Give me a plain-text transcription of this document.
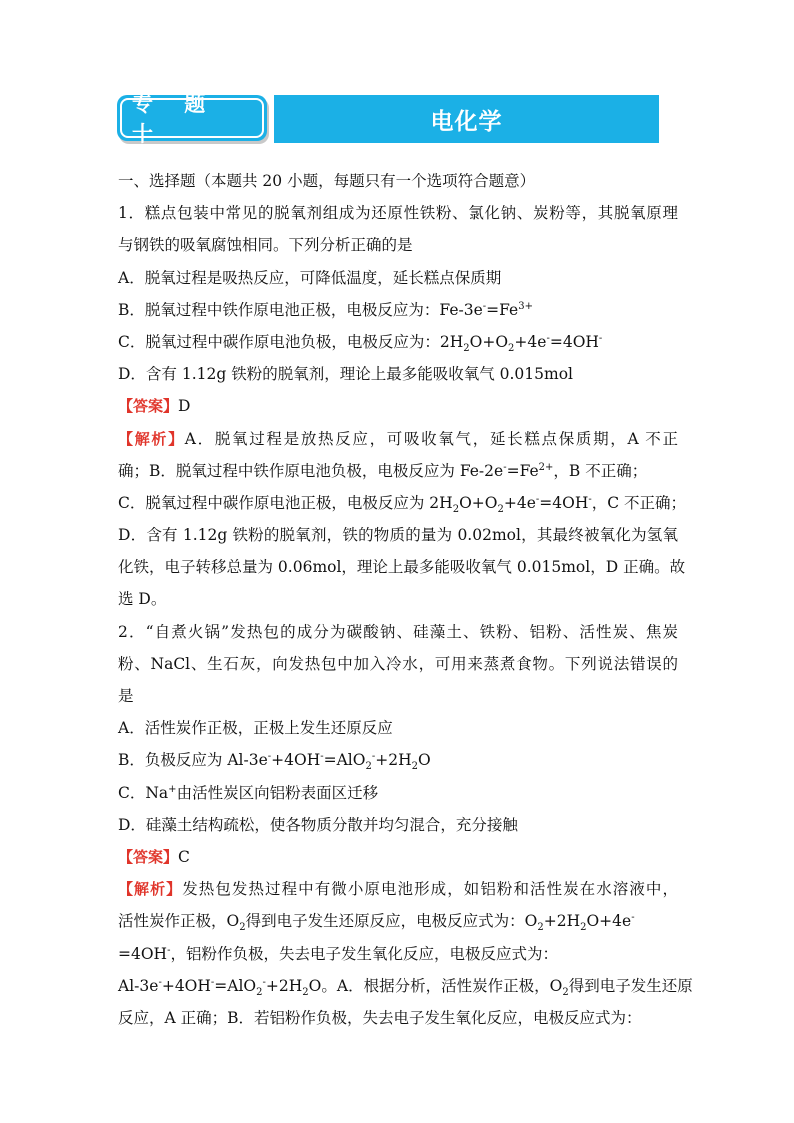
专 题 十	电化学
一、选择题（本题共 20 小题，每题只有一个选项符合题意）
1．糕点包装中常见的脱氧剂组成为还原性铁粉、氯化钠、炭粉等，其脱氧原理
与钢铁的吸氧腐蚀相同。下列分析正确的是
A．脱氧过程是吸热反应，可降低温度，延长糕点保质期
B．脱氧过程中铁作原电池正极，电极反应为：$Fe-3e^-=Fe^{3+}$
C．脱氧过程中碳作原电池负极，电极反应为：$2H_2O+O_2+4e^-=4OH^-$
D．含有 1.12g 铁粉的脱氧剂，理论上最多能吸收氧气 0.015mol
【答案】D
【解析】A．脱氧过程是放热反应，可吸收氧气，延长糕点保质期，A 不正
确；B．脱氧过程中铁作原电池负极，电极反应为 $Fe-2e^-=Fe^{2+}$，B 不正确；
C．脱氧过程中碳作原电池正极，电极反应为 $2H_2O+O_2+4e^-=4OH^-$，C 不正确；
D．含有 1.12g 铁粉的脱氧剂，铁的物质的量为 0.02mol，其最终被氧化为氢氧
化铁，电子转移总量为 0.06mol，理论上最多能吸收氧气 0.015mol，D 正确。故
选 D。
2．“自煮火锅”发热包的成分为碳酸钠、硅藻土、铁粉、铝粉、活性炭、焦炭
粉、NaCl、生石灰，向发热包中加入冷水，可用来蒸煮食物。下列说法错误的
是
A．活性炭作正极，正极上发生还原反应
B．负极反应为 $Al-3e^-+4OH^-=AlO_2^-+2H_2O$
C．Na+由活性炭区向铝粉表面区迁移
D．硅藻土结构疏松，使各物质分散并均匀混合，充分接触
【答案】C
【解析】发热包发热过程中有微小原电池形成，如铝粉和活性炭在水溶液中，
活性炭作正极，$O_2$得到电子发生还原反应，电极反应式为：$O_2+2H_2O+4e^-$
=4OH-，铝粉作负极，失去电子发生氧化反应，电极反应式为：
$Al-3e^-+4OH^-=AlO_2^-+2H_2O$。A．根据分析，活性炭作正极，$O_2$得到电子发生还原
反应，A 正确；B．若铝粉作负极，失去电子发生氧化反应，电极反应式为：
